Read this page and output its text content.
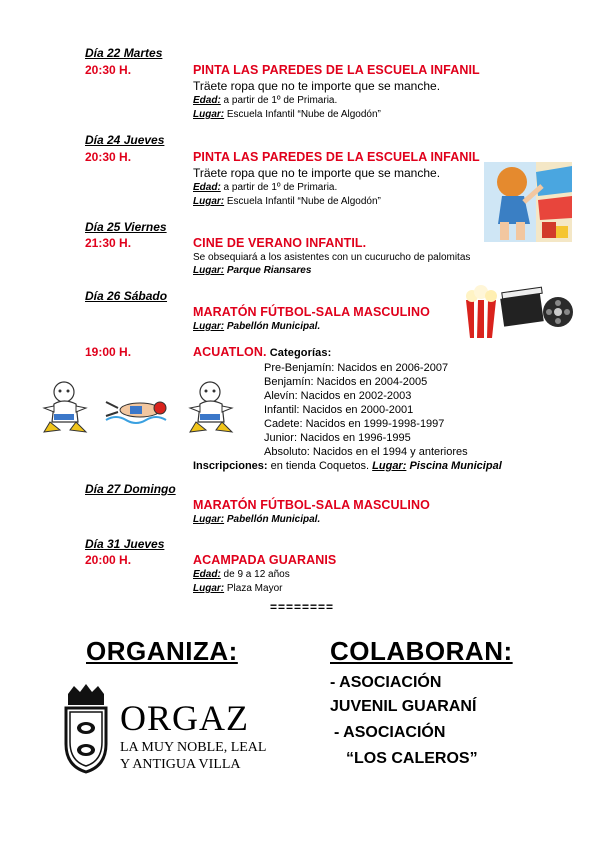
Día 22 Martes
20:30 H.	PINTA LAS PAREDES DE LA ESCUELA INFANIL
Träete ropa que no te importe que se manche.
Edad: a partir de 1º de Primaria.
Lugar: Escuela Infantil “Nube de Algodón”
Día 24 Jueves
20:30 H.	PINTA LAS PAREDES DE LA ESCUELA INFANIL
Träete ropa que no te importe que se manche.
Edad: a partir de 1º de Primaria.
Lugar: Escuela Infantil “Nube de Algodón”
Día 25 Viernes
21:30 H.	CINE DE VERANO INFANTIL.
Se obsequiará a los asistentes con un cucurucho de palomitas
Lugar: Parque Riansares
Día 26 Sábado
MARATÓN FÚTBOL-SALA MASCULINO
Lugar: Pabellón Municipal.
19:00 H.	ACUATLON. Categorías:
Pre-Benjamín: Nacidos en 2006-2007
Benjamín: Nacidos en 2004-2005
Alevín: Nacidos en 2002-2003
Infantil: Nacidos en 2000-2001
Cadete: Nacidos en 1999-1998-1997
Junior: Nacidos en 1996-1995
Absoluto: Nacidos en el 1994 y anteriores
Inscripciones: en tienda Coquetos. Lugar: Piscina Municipal
Día 27 Domingo
MARATÓN FÚTBOL-SALA MASCULINO
Lugar: Pabellón Municipal.
Día 31 Jueves
20:00 H.	ACAMPADA GUARANIS
Edad: de 9 a 12 años
Lugar: Plaza Mayor
========
ORGANIZA:
ORGAZ
LA MUY NOBLE, LEAL
Y ANTIGUA VILLA
COLABORAN:
- ASOCIACIÓN
JUVENIL GUARANÍ
- ASOCIACIÓN
“LOS CALEROS”
